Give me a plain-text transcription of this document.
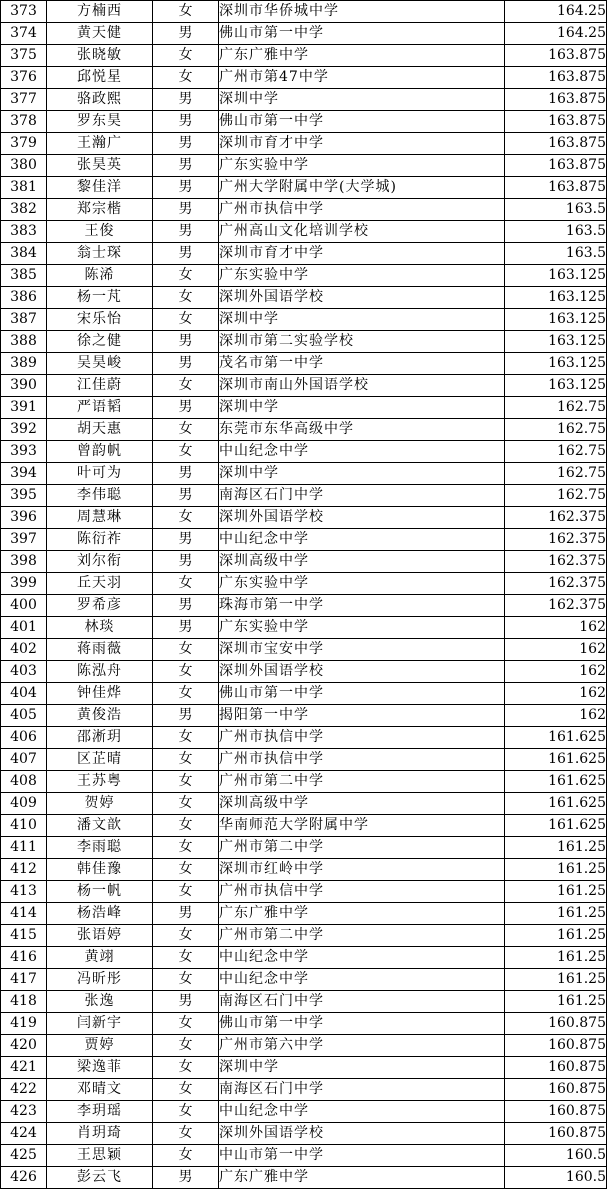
373	方楠西	女	深圳市华侨城中学	164.25
374	黄天健	男	佛山市第一中学	164.25
375	张晓敏	女	广东广雅中学	163.875
376	邱悦星	女	广州市第47中学	163.875
377	骆政熙	男	深圳中学	163.875
378	罗东昊	男	佛山市第一中学	163.875
379	王瀚广	男	深圳市育才中学	163.875
380	张昊英	男	广东实验中学	163.875
381	黎佳洋	男	广州大学附属中学(大学城)	163.875
382	郑宗楷	男	广州市执信中学	163.5
383	王俊	男	广州高山文化培训学校	163.5
384	翁士琛	男	深圳市育才中学	163.5
385	陈浠	女	广东实验中学	163.125
386	杨一芃	女	深圳外国语学校	163.125
387	宋乐怡	女	深圳中学	163.125
388	徐之健	男	深圳市第二实验学校	163.125
389	吴昊峻	男	茂名市第一中学	163.125
390	江佳蔚	女	深圳市南山外国语学校	163.125
391	严语韬	男	深圳中学	162.75
392	胡天惠	女	东莞市东华高级中学	162.75
393	曾韵帆	女	中山纪念中学	162.75
394	叶可为	男	深圳中学	162.75
395	李伟聪	男	南海区石门中学	162.75
396	周慧琳	女	深圳外国语学校	162.375
397	陈衍祚	男	中山纪念中学	162.375
398	刘尔衔	男	深圳高级中学	162.375
399	丘天羽	女	广东实验中学	162.375
400	罗希彦	男	珠海市第一中学	162.375
401	林琰	男	广东实验中学	162
402	蒋雨薇	女	深圳市宝安中学	162
403	陈泓舟	女	深圳外国语学校	162
404	钟佳烨	女	佛山市第一中学	162
405	黄俊浩	男	揭阳第一中学	162
406	邵淅玥	女	广州市执信中学	161.625
407	区芷晴	女	广州市执信中学	161.625
408	王苏粤	女	广州市第二中学	161.625
409	贺婷	女	深圳高级中学	161.625
410	潘文歆	女	华南师范大学附属中学	161.625
411	李雨聪	女	广州市第二中学	161.25
412	韩佳豫	女	深圳市红岭中学	161.25
413	杨一帆	女	广州市执信中学	161.25
414	杨浩峰	男	广东广雅中学	161.25
415	张语婷	女	广州市第二中学	161.25
416	黄翊	女	中山纪念中学	161.25
417	冯昕彤	女	中山纪念中学	161.25
418	张逸	男	南海区石门中学	161.25
419	闫新宇	女	佛山市第一中学	160.875
420	贾婷	女	广州市第六中学	160.875
421	梁逸菲	女	深圳中学	160.875
422	邓晴文	女	南海区石门中学	160.875
423	李玥瑶	女	中山纪念中学	160.875
424	肖玥琦	女	深圳外国语学校	160.875
425	王思颖	女	中山市第一中学	160.5
426	彭云飞	男	广东广雅中学	160.5
